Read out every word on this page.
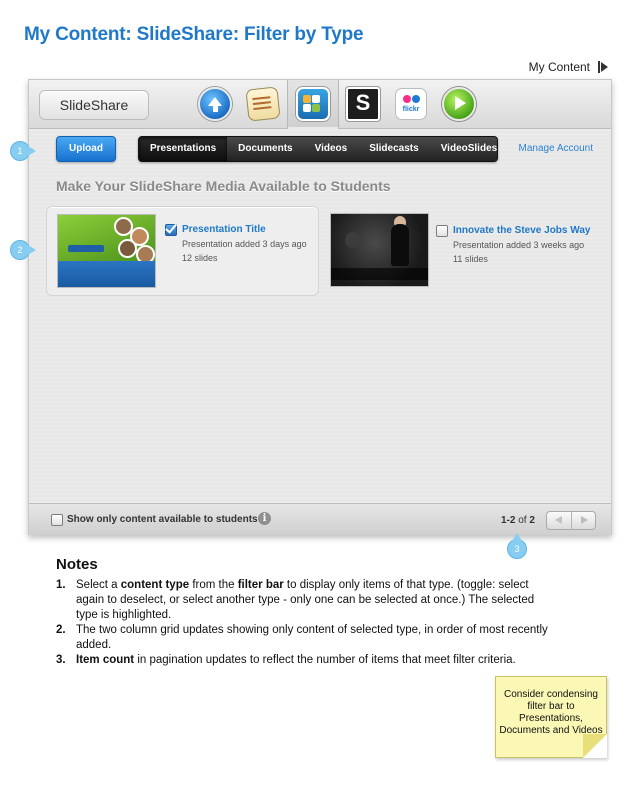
My Content: SlideShare: Filter by Type
My Content
SlideShare	S	flickr
Upload	Presentations	Documents	Videos	Slidecasts	VideoSlides	Manage Account
Make Your SlideShare Media Available to Students
Presentation Title
Presentation added 3 days ago
12 slides
Innovate the Steve Jobs Way
Presentation added 3 weeks ago
11 slides
Show only content available to students i	1-2 of 2
1
2
3
Notes
1. Select a content type from the filter bar to display only items of that type. (toggle: select again to deselect, or select another type - only one can be selected at once.) The selected type is highlighted.
2. The two column grid updates showing only content of selected type, in order of most recently added.
3. Item count in pagination updates to reflect the number of items that meet filter criteria.
Consider condensing filter bar to Presentations, Documents and Videos
